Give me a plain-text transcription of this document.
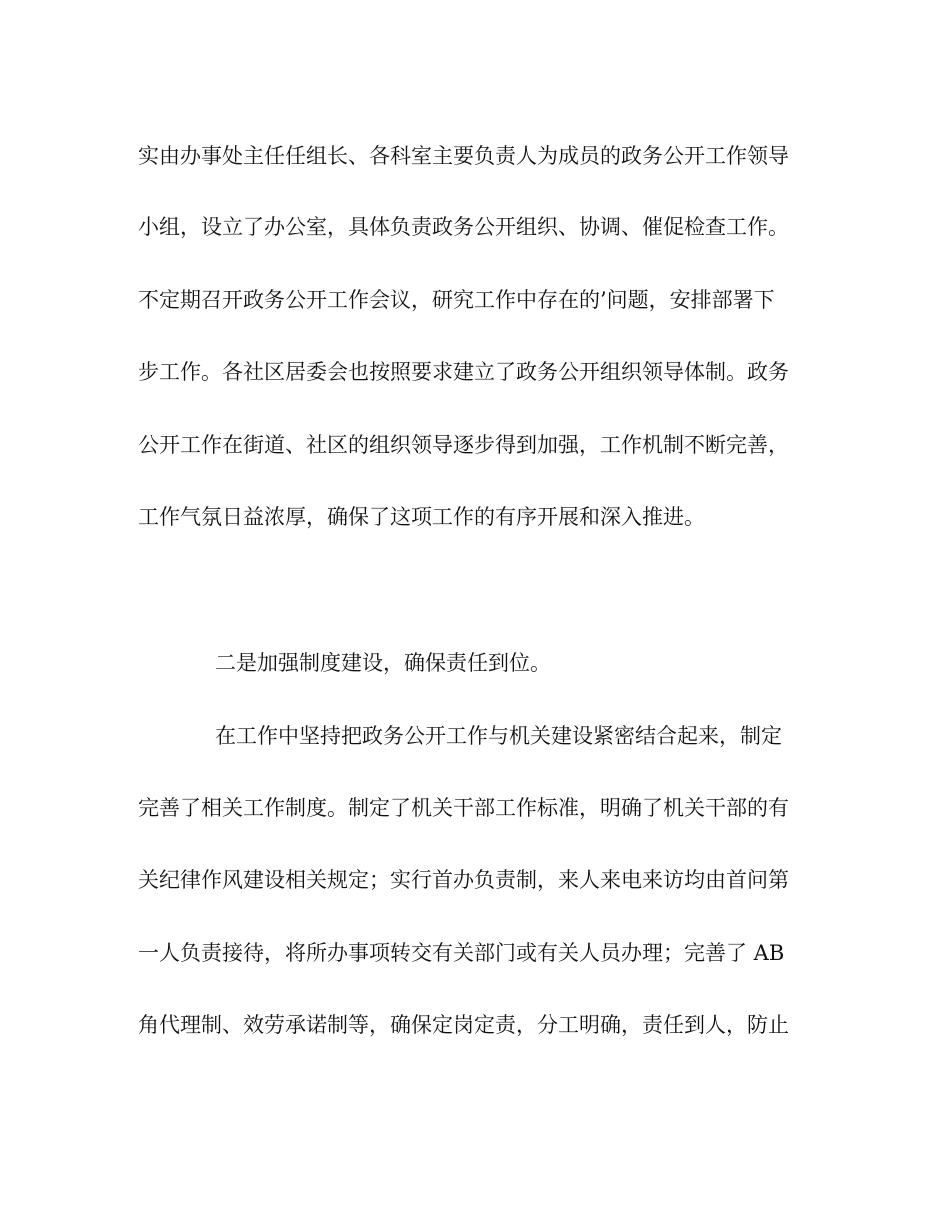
实由办事处主任任组长、各科室主要负责人为成员的政务公开工作领导
小组，设立了办公室，具体负责政务公开组织、协调、催促检查工作。
不定期召开政务公开工作会议，研究工作中存在的’问题，安排部署下
步工作。各社区居委会也按照要求建立了政务公开组织领导体制。政务
公开工作在街道、社区的组织领导逐步得到加强，工作机制不断完善，
工作气氛日益浓厚，确保了这项工作的有序开展和深入推进。
二是加强制度建设，确保责任到位。
在工作中坚持把政务公开工作与机关建设紧密结合起来，制定
完善了相关工作制度。制定了机关干部工作标准，明确了机关干部的有
关纪律作风建设相关规定；实行首办负责制，来人来电来访均由首问第
一人负责接待，将所办事项转交有关部门或有关人员办理；完善了 AB
角代理制、效劳承诺制等，确保定岗定责，分工明确，责任到人，防止
